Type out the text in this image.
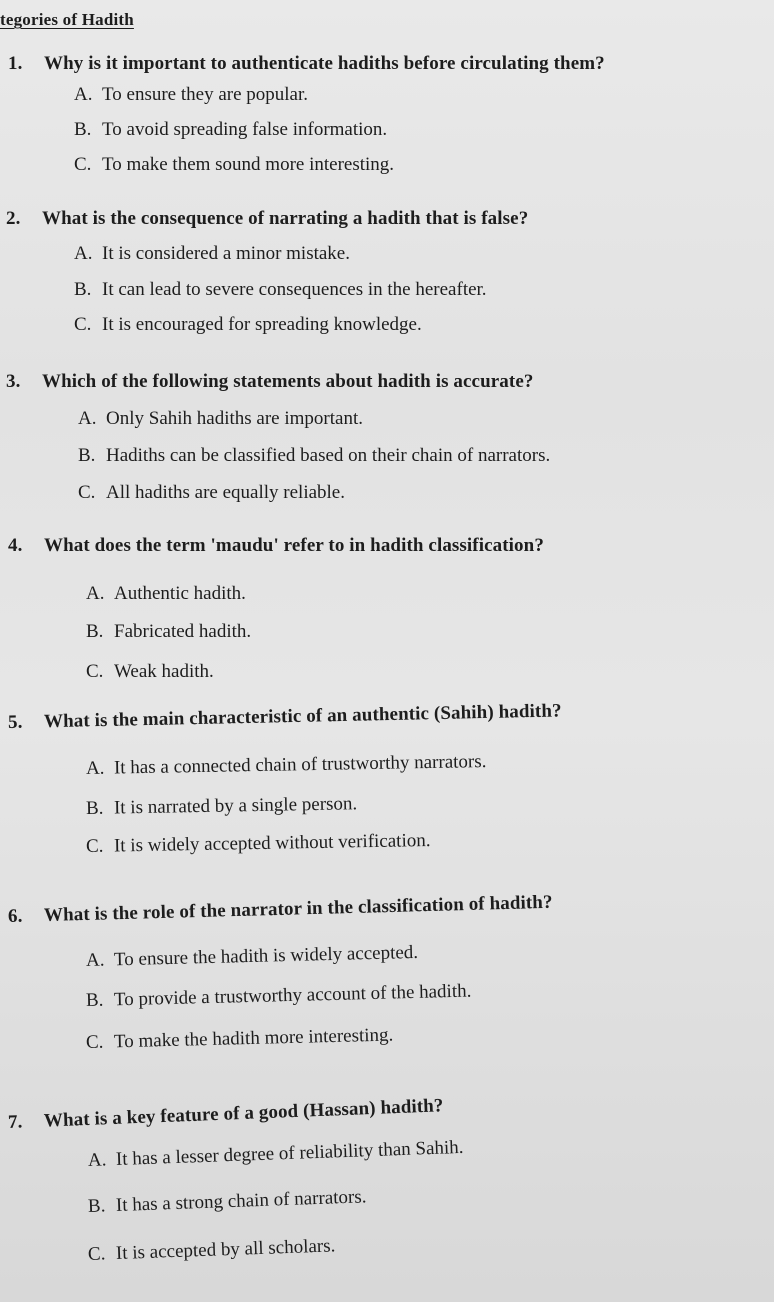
tegories of Hadith
1. Why is it important to authenticate hadiths before circulating them?
A. To ensure they are popular.
B. To avoid spreading false information.
C. To make them sound more interesting.
2. What is the consequence of narrating a hadith that is false?
A. It is considered a minor mistake.
B. It can lead to severe consequences in the hereafter.
C. It is encouraged for spreading knowledge.
3. Which of the following statements about hadith is accurate?
A. Only Sahih hadiths are important.
B. Hadiths can be classified based on their chain of narrators.
C. All hadiths are equally reliable.
4. What does the term 'maudu' refer to in hadith classification?
A. Authentic hadith.
B. Fabricated hadith.
C. Weak hadith.
5. What is the main characteristic of an authentic (Sahih) hadith?
A. It has a connected chain of trustworthy narrators.
B. It is narrated by a single person.
C. It is widely accepted without verification.
6. What is the role of the narrator in the classification of hadith?
A. To ensure the hadith is widely accepted.
B. To provide a trustworthy account of the hadith.
C. To make the hadith more interesting.
7. What is a key feature of a good (Hassan) hadith?
A. It has a lesser degree of reliability than Sahih.
B. It has a strong chain of narrators.
C. It is accepted by all scholars.
